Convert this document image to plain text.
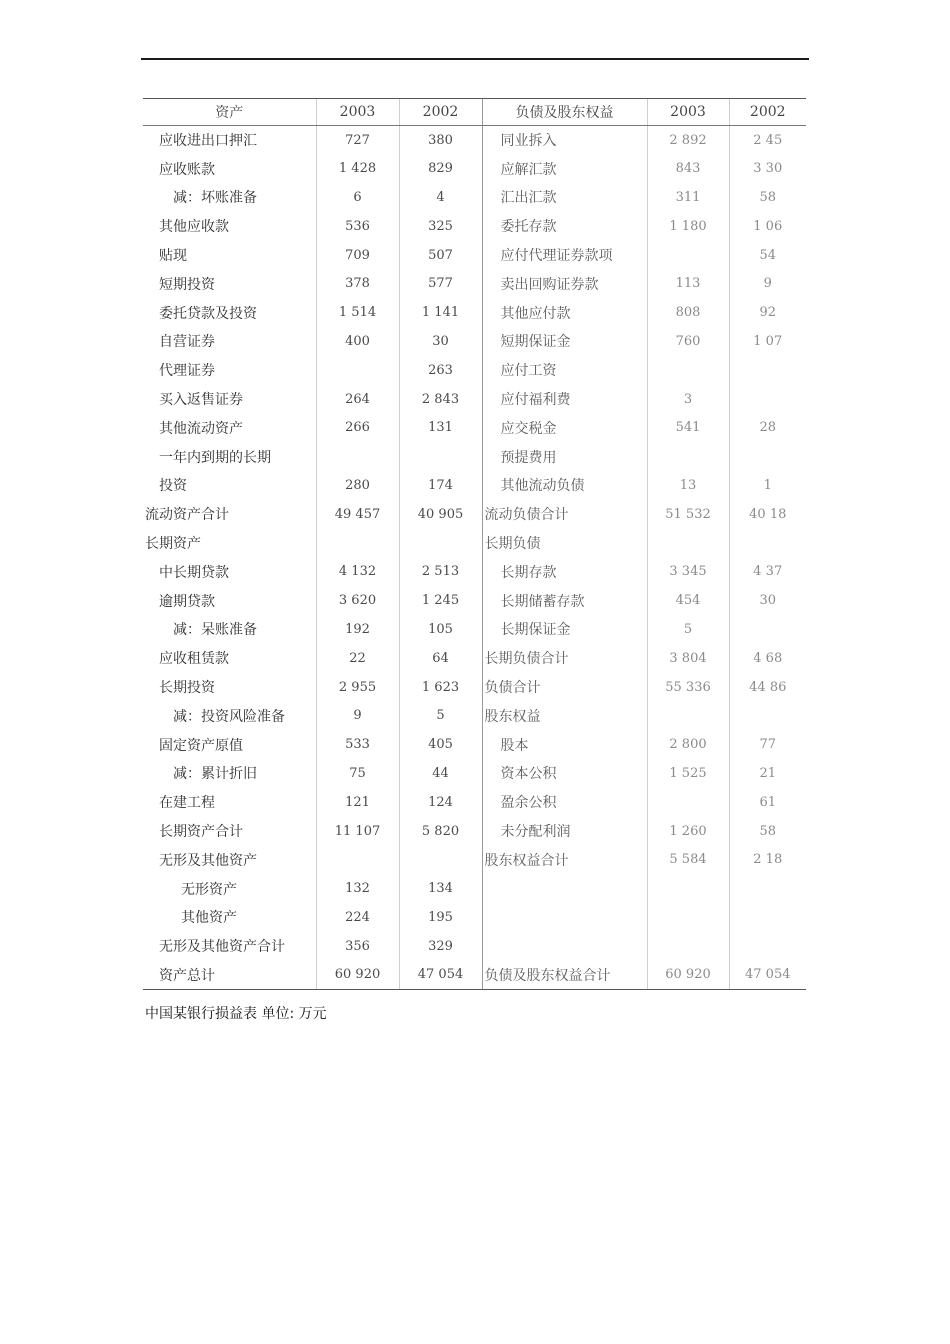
资产	2003	2002	负债及股东权益	2003	2002
应收进出口押汇	727	380	同业拆入	2 892	2 45
应收账款	1 428	829	应解汇款	843	3 30
减：坏账准备	6	4	汇出汇款	311	58
其他应收款	536	325	委托存款	1 180	1 06
贴现	709	507	应付代理证券款项		54
短期投资	378	577	卖出回购证券款	113	9
委托贷款及投资	1 514	1 141	其他应付款	808	92
自营证券	400	30	短期保证金	760	1 07
代理证券		263	应付工资		
买入返售证券	264	2 843	应付福利费	3	
其他流动资产	266	131	应交税金	541	28
一年内到期的长期			预提费用		
投资	280	174	其他流动负债	13	1
流动资产合计	49 457	40 905	流动负债合计	51 532	40 18
长期资产			长期负债		
中长期贷款	4 132	2 513	长期存款	3 345	4 37
逾期贷款	3 620	1 245	长期储蓄存款	454	30
减：呆账准备	192	105	长期保证金	5	
应收租赁款	22	64	长期负债合计	3 804	4 68
长期投资	2 955	1 623	负债合计	55 336	44 86
减：投资风险准备	9	5	股东权益		
固定资产原值	533	405	股本	2 800	77
减：累计折旧	75	44	资本公积	1 525	21
在建工程	121	124	盈余公积		61
长期资产合计	11 107	5 820	未分配利润	1 260	58
无形及其他资产			股东权益合计	5 584	2 18
无形资产	132	134			
其他资产	224	195			
无形及其他资产合计	356	329			
资产总计	60 920	47 054	负债及股东权益合计	60 920	47 054
中国某银行损益表 单位: 万元
